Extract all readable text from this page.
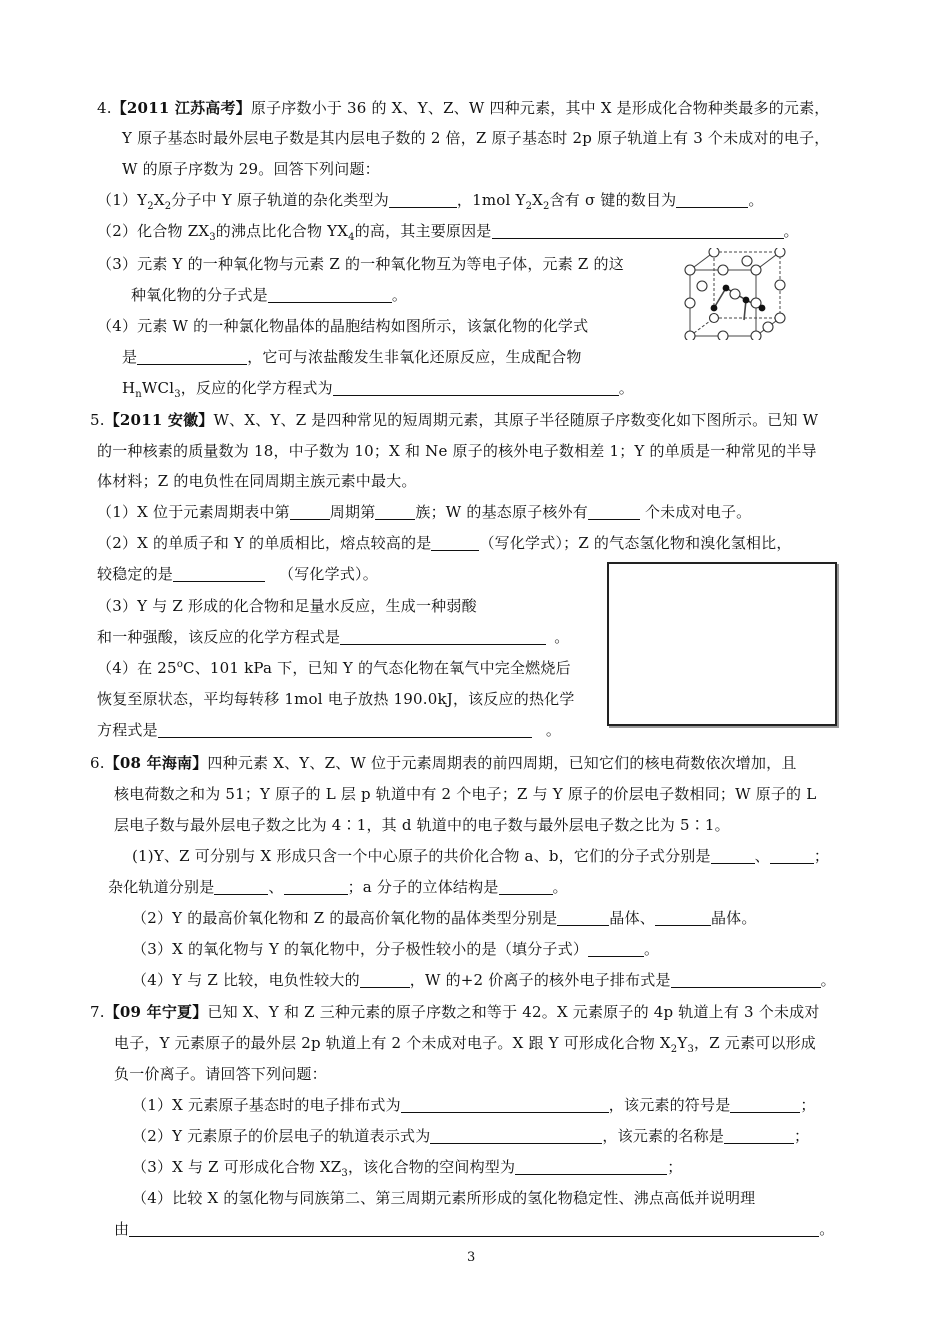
4.【2011 江苏高考】原子序数小于 36 的 X、Y、Z、W 四种元素，其中 X 是形成化合物种类最多的元素，
Y 原子基态时最外层电子数是其内层电子数的 2 倍，Z 原子基态时 2p 原子轨道上有 3 个未成对的电子，
W 的原子序数为 29。回答下列问题：
$(1)Y_2X_2$分子中 Y 原子轨道的杂化类型为	，1mol $Y_2X_2$含有 σ 键的数目为	。
（2）化合物 $ZX_3$的沸点比化合物 $YX_4$的高，其主要原因是	。
（3）元素 Y 的一种氧化物与元素 Z 的一种氧化物互为等电子体，元素 Z 的这
种氧化物的分子式是	。
（4）元素 W 的一种氯化物晶体的晶胞结构如图所示，该氯化物的化学式
是	，它可与浓盐酸发生非氧化还原反应，生成配合物
$H_nWCl_3$，反应的化学方程式为	。
5.【2011 安徽】W、X、Y、Z 是四种常见的短周期元素，其原子半径随原子序数变化如下图所示。已知 W
的一种核素的质量数为 18，中子数为 10；X 和 Ne 原子的核外电子数相差 1；Y 的单质是一种常见的半导
体材料；Z 的电负性在同周期主族元素中最大。
（1）X 位于元素周期表中第	周期第	族；W 的基态原子核外有	个未成对电子。
（2）X 的单质子和 Y 的单质相比，熔点较高的是	（写化学式）；Z 的气态氢化物和溴化氢相比，
较稳定的是	（写化学式）。
（3）Y 与 Z 形成的化合物和足量水反应，生成一种弱酸
和一种强酸，该反应的化学方程式是	。
（4）在 25$^o$C、101 kPa 下，已知 Y 的气态化物在氧气中完全燃烧后
恢复至原状态，平均每转移 1mol 电子放热 190.0kJ，该反应的热化学
方程式是	。
6.【08 年海南】四种元素 X、Y、Z、W 位于元素周期表的前四周期，已知它们的核电荷数依次增加，且
核电荷数之和为 51；Y 原子的 L 层 p 轨道中有 2 个电子；Z 与 Y 原子的价层电子数相同；W 原子的 L
层电子数与最外层电子数之比为 4∶1，其 d 轨道中的电子数与最外层电子数之比为 5∶1。
(1)Y、Z 可分别与 X 形成只含一个中心原子的共价化合物 a、b，它们的分子式分别是	、	；
杂化轨道分别是	、	；a 分子的立体结构是	。
（2）Y 的最高价氧化物和 Z 的最高价氧化物的晶体类型分别是	晶体、	晶体。
（3）X 的氧化物与 Y 的氧化物中，分子极性较小的是（填分子式）	。
（4）Y 与 Z 比较，电负性较大的	，W 的+2 价离子的核外电子排布式是	。
7.【09 年宁夏】已知 X、Y 和 Z 三种元素的原子序数之和等于 42。X 元素原子的 4p 轨道上有 3 个未成对
电子，Y 元素原子的最外层 2p 轨道上有 2 个未成对电子。X 跟 Y 可形成化合物 $X_2Y_3$，Z 元素可以形成
负一价离子。请回答下列问题：
（1）X 元素原子基态时的电子排布式为	，该元素的符号是	；
（2）Y 元素原子的价层电子的轨道表示式为	，该元素的名称是	；
（3）X 与 Z 可形成化合物 $XZ_3$，该化合物的空间构型为	；
（4）比较 X 的氢化物与同族第二、第三周期元素所形成的氢化物稳定性、沸点高低并说明理
由	。
3
